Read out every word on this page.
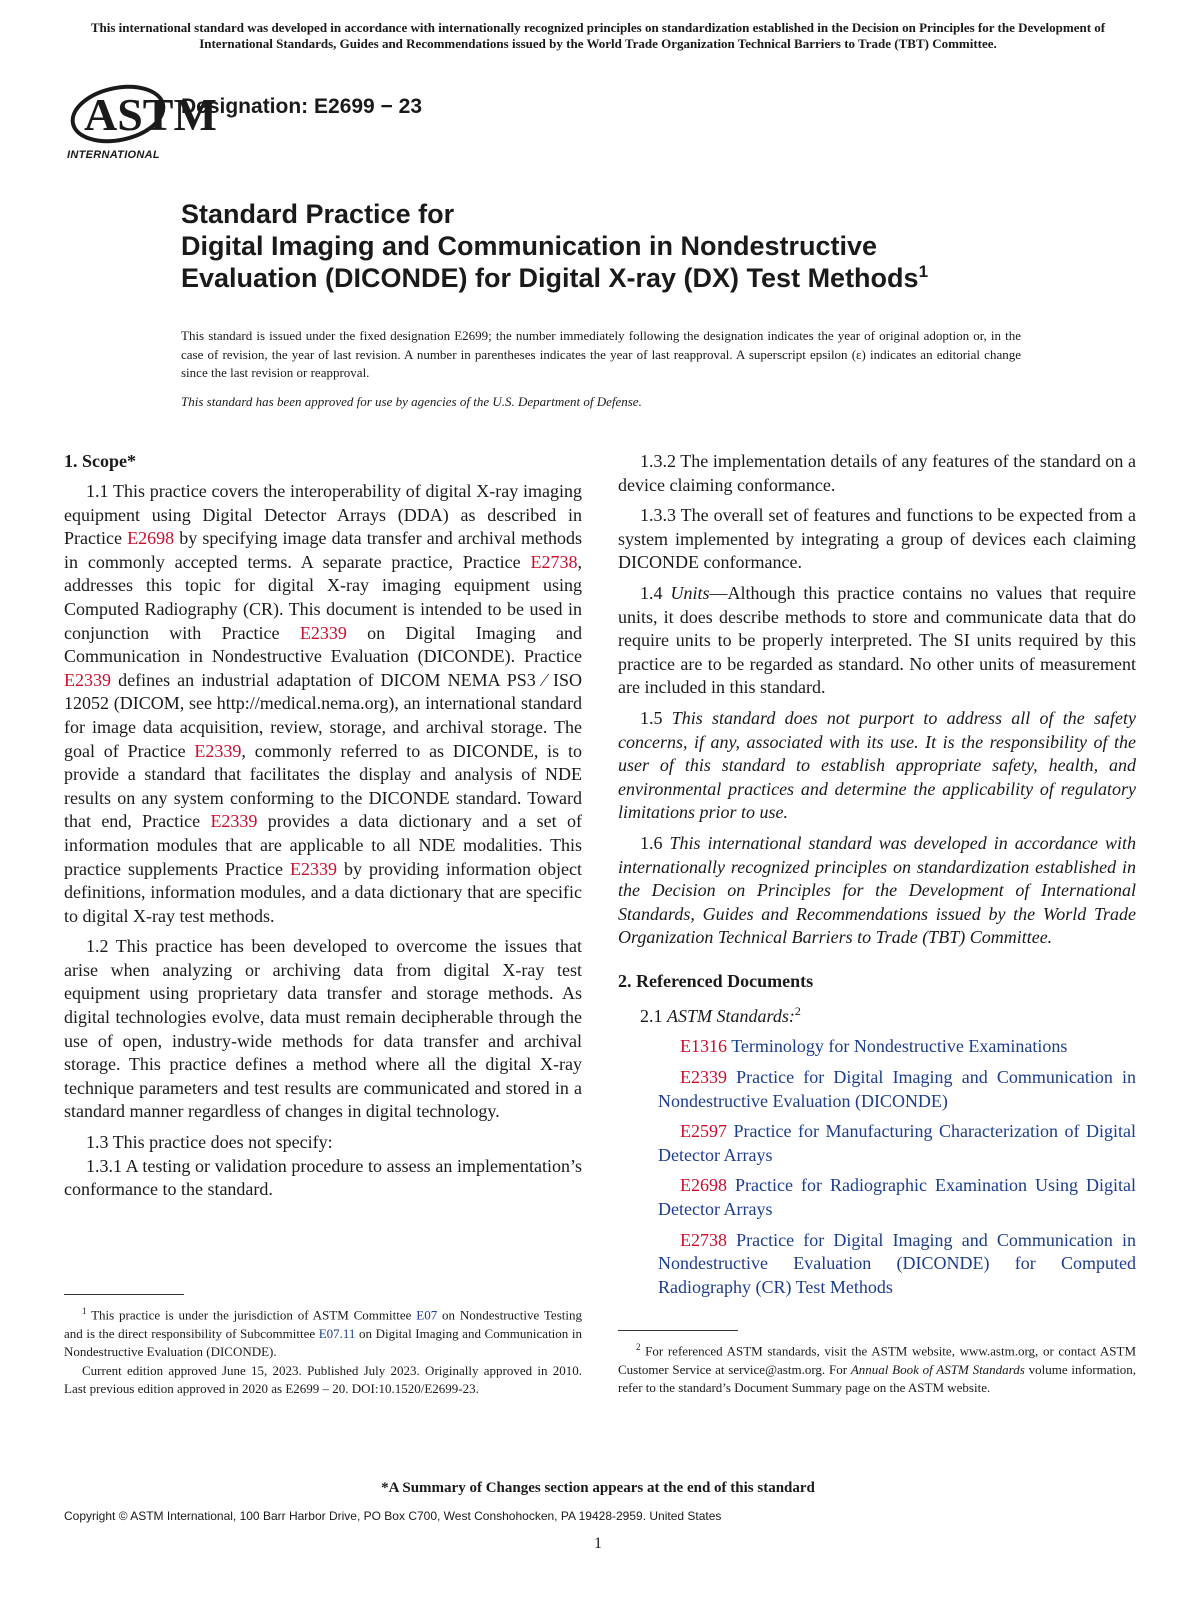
This international standard was developed in accordance with internationally recognized principles on standardization established in the Decision on Principles for the Development of International Standards, Guides and Recommendations issued by the World Trade Organization Technical Barriers to Trade (TBT) Committee.
ASTM
INTERNATIONAL
Designation: E2699 − 23
Standard Practice for
Digital Imaging and Communication in Nondestructive
Evaluation (DICONDE) for Digital X-ray (DX) Test Methods$^1$
This standard is issued under the fixed designation E2699; the number immediately following the designation indicates the year of original adoption or, in the case of revision, the year of last revision. A number in parentheses indicates the year of last reapproval. A superscript epsilon (ε) indicates an editorial change since the last revision or reapproval.
This standard has been approved for use by agencies of the U.S. Department of Defense.
1. Scope*

1.1 This practice covers the interoperability of digital X-ray imaging equipment using Digital Detector Arrays (DDA) as described in Practice E2698 by specifying image data transfer and archival methods in commonly accepted terms. A separate practice, Practice E2738, addresses this topic for digital X-ray imaging equipment using Computed Radiography (CR). This document is intended to be used in conjunction with Practice E2339 on Digital Imaging and Communication in Nondestructive Evaluation (DICONDE). Practice E2339 defines an industrial adaptation of DICOM NEMA PS3 ⁄ ISO 12052 (DICOM, see http://medical.nema.org), an international standard for image data acquisition, review, storage, and archival storage. The goal of Practice E2339, commonly referred to as DICONDE, is to provide a standard that facilitates the display and analysis of NDE results on any system conforming to the DICONDE standard. Toward that end, Practice E2339 provides a data dictionary and a set of information modules that are applicable to all NDE modalities. This practice supplements Practice E2339 by providing information object definitions, information modules, and a data dictionary that are specific to digital X-ray test methods.

1.2 This practice has been developed to overcome the issues that arise when analyzing or archiving data from digital X-ray test equipment using proprietary data transfer and storage methods. As digital technologies evolve, data must remain decipherable through the use of open, industry-wide methods for data transfer and archival storage. This practice defines a method where all the digital X-ray technique parameters and test results are communicated and stored in a standard manner regardless of changes in digital technology.

1.3 This practice does not specify:

1.3.1 A testing or validation procedure to assess an implementation’s conformance to the standard.

1.3.2 The implementation details of any features of the standard on a device claiming conformance.

1.3.3 The overall set of features and functions to be expected from a system implemented by integrating a group of devices each claiming DICONDE conformance.

1.4 Units—Although this practice contains no values that require units, it does describe methods to store and communicate data that do require units to be properly interpreted. The SI units required by this practice are to be regarded as standard. No other units of measurement are included in this standard.

1.5 This standard does not purport to address all of the safety concerns, if any, associated with its use. It is the responsibility of the user of this standard to establish appropriate safety, health, and environmental practices and determine the applicability of regulatory limitations prior to use.

1.6 This international standard was developed in accordance with internationally recognized principles on standardization established in the Decision on Principles for the Development of International Standards, Guides and Recommendations issued by the World Trade Organization Technical Barriers to Trade (TBT) Committee.

2. Referenced Documents

2.1 ASTM Standards:$^2$

E1316 Terminology for Nondestructive Examinations

E2339 Practice for Digital Imaging and Communication in Nondestructive Evaluation (DICONDE)

E2597 Practice for Manufacturing Characterization of Digital Detector Arrays

E2698 Practice for Radiographic Examination Using Digital Detector Arrays

E2738 Practice for Digital Imaging and Communication in Nondestructive Evaluation (DICONDE) for Computed Radiography (CR) Test Methods

$^1$ This practice is under the jurisdiction of ASTM Committee E07 on Nondestructive Testing and is the direct responsibility of Subcommittee E07.11 on Digital Imaging and Communication in Nondestructive Evaluation (DICONDE).

Current edition approved June 15, 2023. Published July 2023. Originally approved in 2010. Last previous edition approved in 2020 as E2699 – 20. DOI:10.1520/E2699-23.

$^2$ For referenced ASTM standards, visit the ASTM website, www.astm.org, or contact ASTM Customer Service at service@astm.org. For Annual Book of ASTM Standards volume information, refer to the standard’s Document Summary page on the ASTM website.

*A Summary of Changes section appears at the end of this standard
Copyright © ASTM International, 100 Barr Harbor Drive, PO Box C700, West Conshohocken, PA 19428-2959. United States
1
